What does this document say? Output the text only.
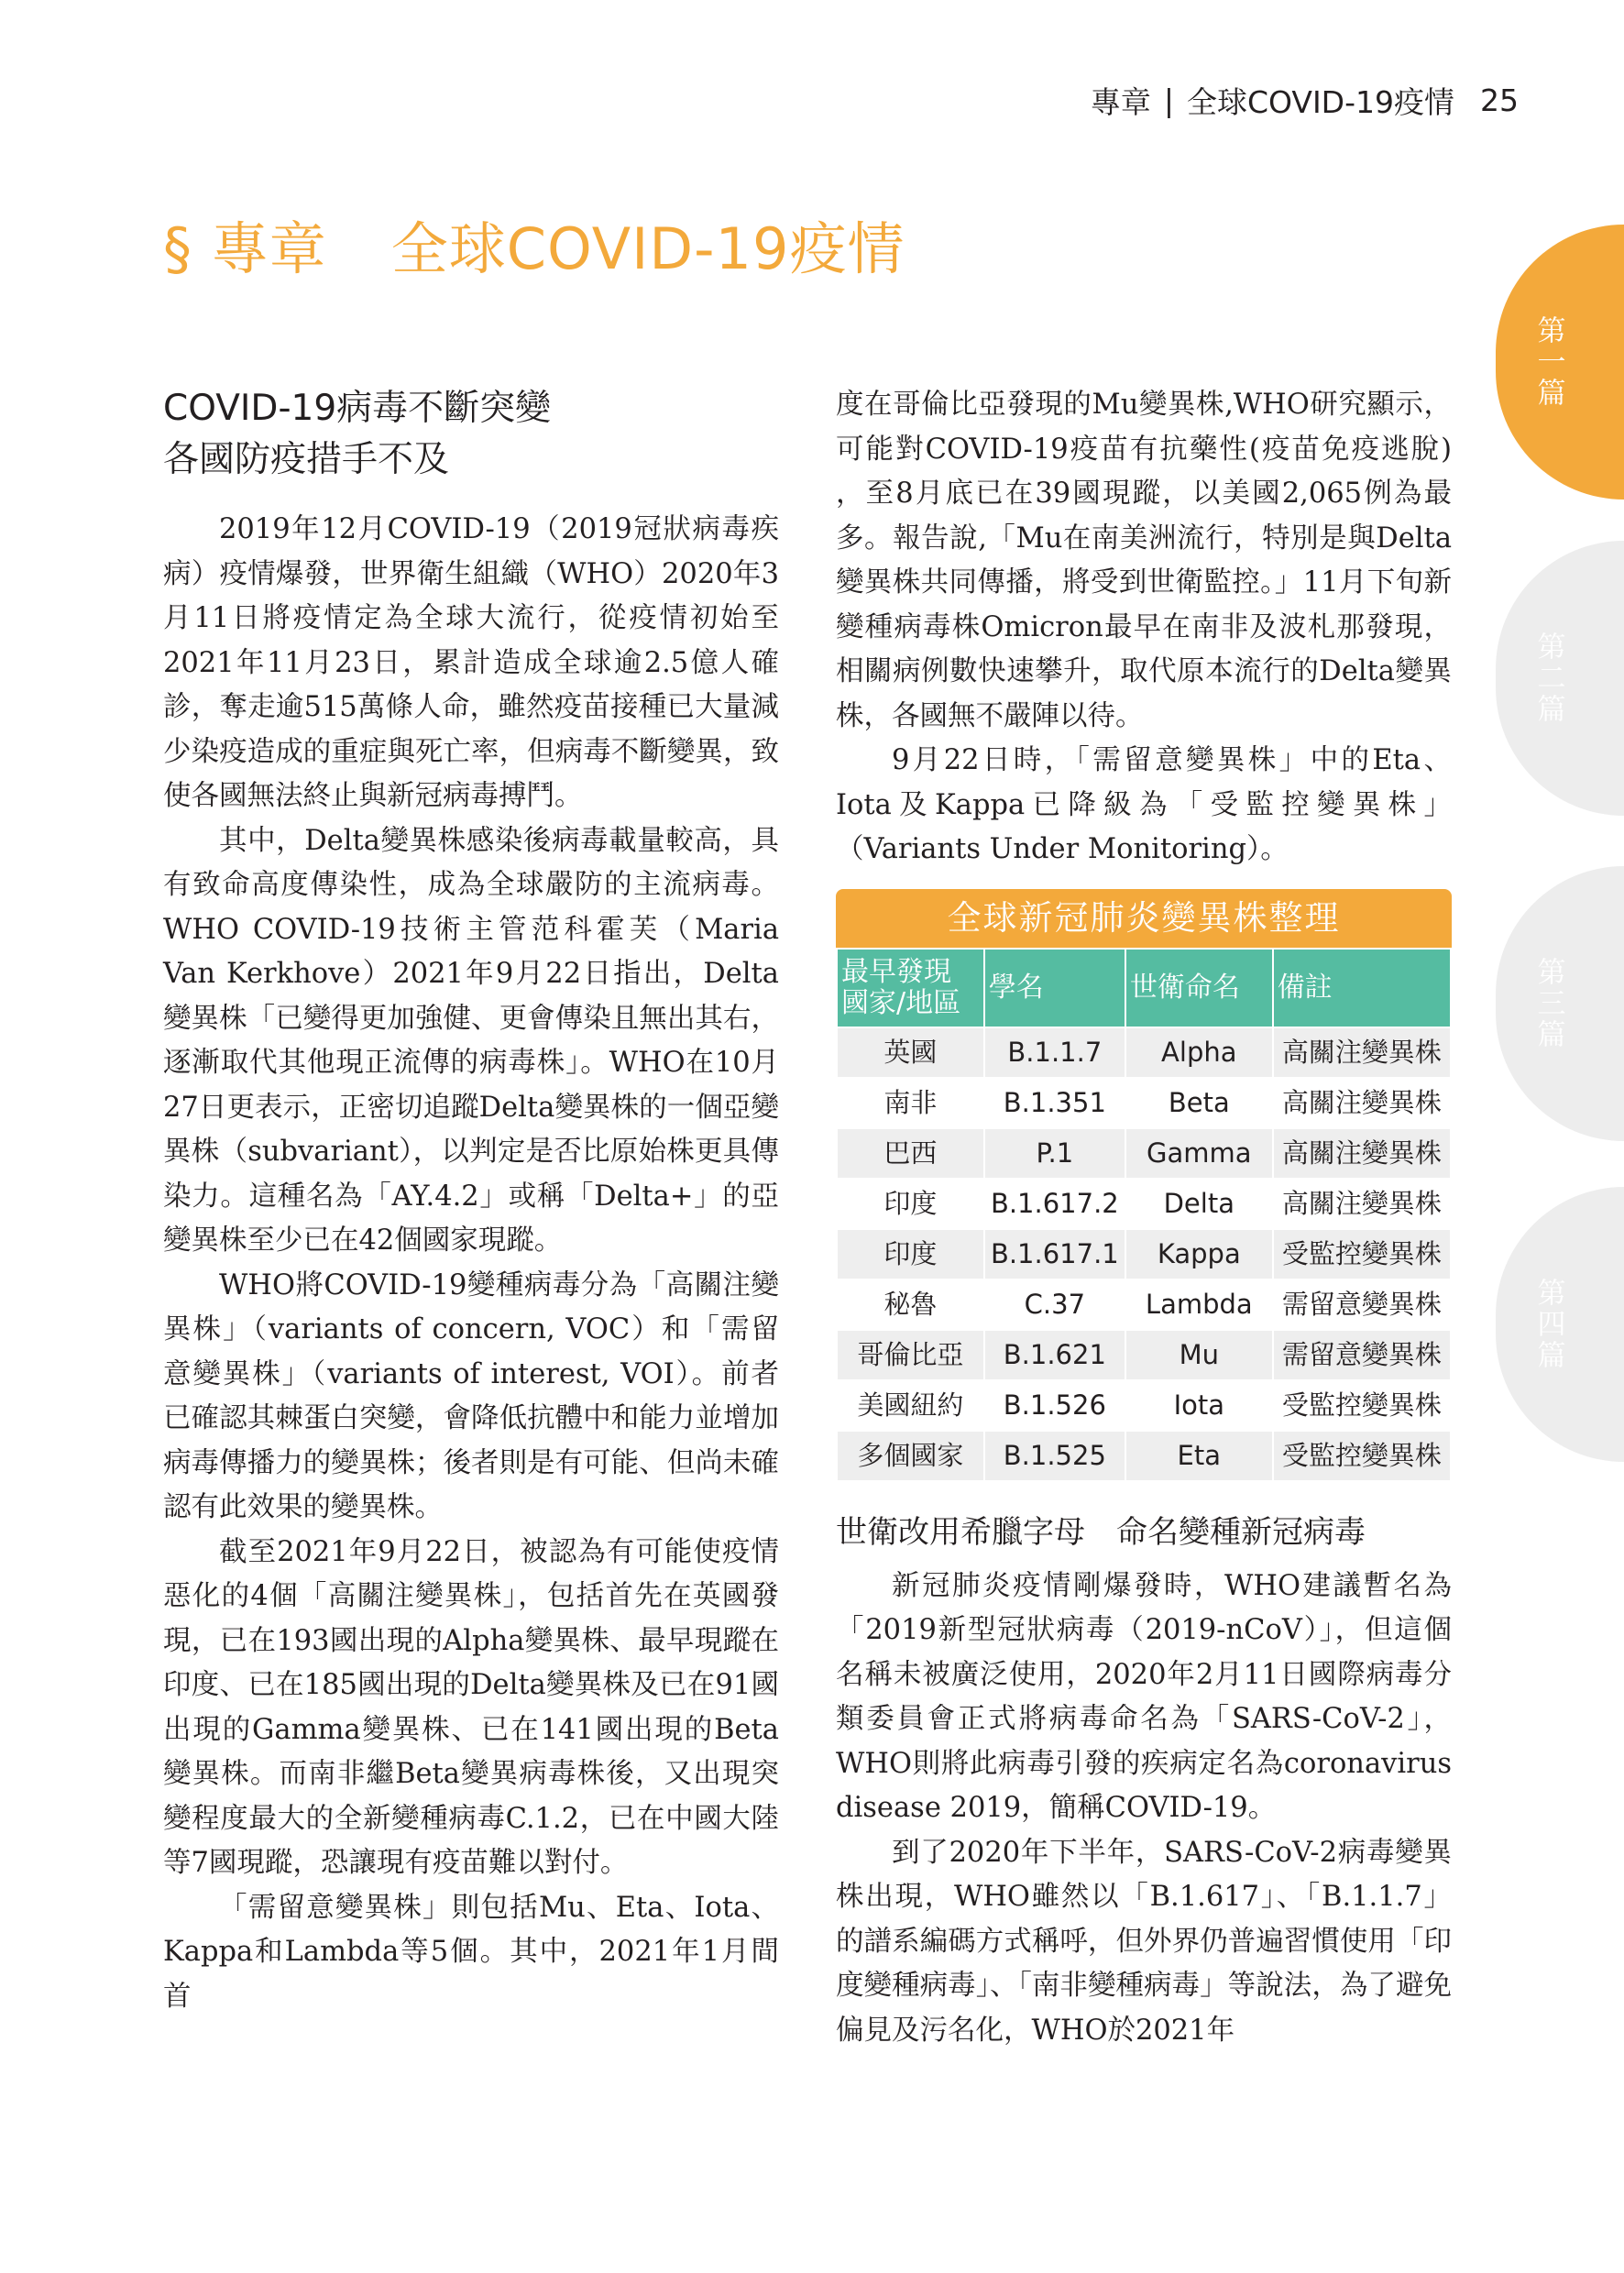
專章 | 全球COVID-19疫情 25
§ 專章 全球COVID-19疫情
第一篇
第二篇
第三篇
第四篇
COVID-19病毒不斷突變
各國防疫措手不及

2019年12月COVID-19（2019冠狀病毒疾病）疫情爆發，世界衛生組織（WHO）2020年3月11日將疫情定為全球大流行，從疫情初始至2021年11月23日，累計造成全球逾2.5億人確診，奪走逾515萬條人命，雖然疫苗接種已大量減少染疫造成的重症與死亡率，但病毒不斷變異，致使各國無法終止與新冠病毒搏鬥。

其中，Delta變異株感染後病毒載量較高，具有致命高度傳染性，成為全球嚴防的主流病毒。WHO COVID-19技術主管范科霍芙（Maria Van Kerkhove）2021年9月22日指出，Delta變異株「已變得更加強健、更會傳染且無出其右，逐漸取代其他現正流傳的病毒株」。WHO在10月27日更表示，正密切追蹤Delta變異株的一個亞變異株（subvariant），以判定是否比原始株更具傳染力。這種名為「AY.4.2」或稱「Delta+」的亞變異株至少已在42個國家現蹤。

WHO將COVID-19變種病毒分為「高關注變異株」（variants of concern, VOC）和「需留意變異株」（variants of interest, VOI）。前者已確認其棘蛋白突變，會降低抗體中和能力並增加病毒傳播力的變異株；後者則是有可能、但尚未確認有此效果的變異株。

截至2021年9月22日，被認為有可能使疫情惡化的4個「高關注變異株」，包括首先在英國發現，已在193國出現的Alpha變異株、最早現蹤在印度、已在185國出現的Delta變異株及已在91國出現的Gamma變異株、已在141國出現的Beta變異株。而南非繼Beta變異病毒株後，又出現突變程度最大的全新變種病毒C.1.2，已在中國大陸等7國現蹤，恐讓現有疫苗難以對付。

「需留意變異株」則包括Mu、Eta、Iota、Kappa和Lambda等5個。其中，2021年1月間首

度在哥倫比亞發現的Mu變異株,WHO研究顯示，可能對COVID-19疫苗有抗藥性(疫苗免疫逃脫) ，至8月底已在39國現蹤，以美國2,065例為最多。報告說,「Mu在南美洲流行，特別是與Delta變異株共同傳播，將受到世衛監控。」11月下旬新變種病毒株Omicron最早在南非及波札那發現，相關病例數快速攀升，取代原本流行的Delta變異株，各國無不嚴陣以待。

9月22日時，「需留意變異株」中的Eta、Iota及Kappa已降級為「受監控變異株」（Variants Under Monitoring）。

全球新冠肺炎變異株整理
最早發現
國家/地區	學名	世衛命名	備註
英國	B.1.1.7	Alpha	高關注變異株
南非	B.1.351	Beta	高關注變異株
巴西	P.1	Gamma	高關注變異株
印度	B.1.617.2	Delta	高關注變異株
印度	B.1.617.1	Kappa	受監控變異株
秘魯	C.37	Lambda	需留意變異株
哥倫比亞	B.1.621	Mu	需留意變異株
美國紐約	B.1.526	Iota	受監控變異株
多個國家	B.1.525	Eta	受監控變異株
世衛改用希臘字母　命名變種新冠病毒

新冠肺炎疫情剛爆發時，WHO建議暫名為「2019新型冠狀病毒（2019-nCoV）」，但這個名稱未被廣泛使用，2020年2月11日國際病毒分類委員會正式將病毒命名為「SARS-CoV-2」，WHO則將此病毒引發的疾病定名為coronavirus disease 2019，簡稱COVID-19。

到了2020年下半年，SARS-CoV-2病毒變異株出現，WHO雖然以「B.1.617」、「B.1.1.7」的譜系編碼方式稱呼，但外界仍普遍習慣使用「印度變種病毒」、「南非變種病毒」等說法，為了避免偏見及污名化，WHO於2021年
